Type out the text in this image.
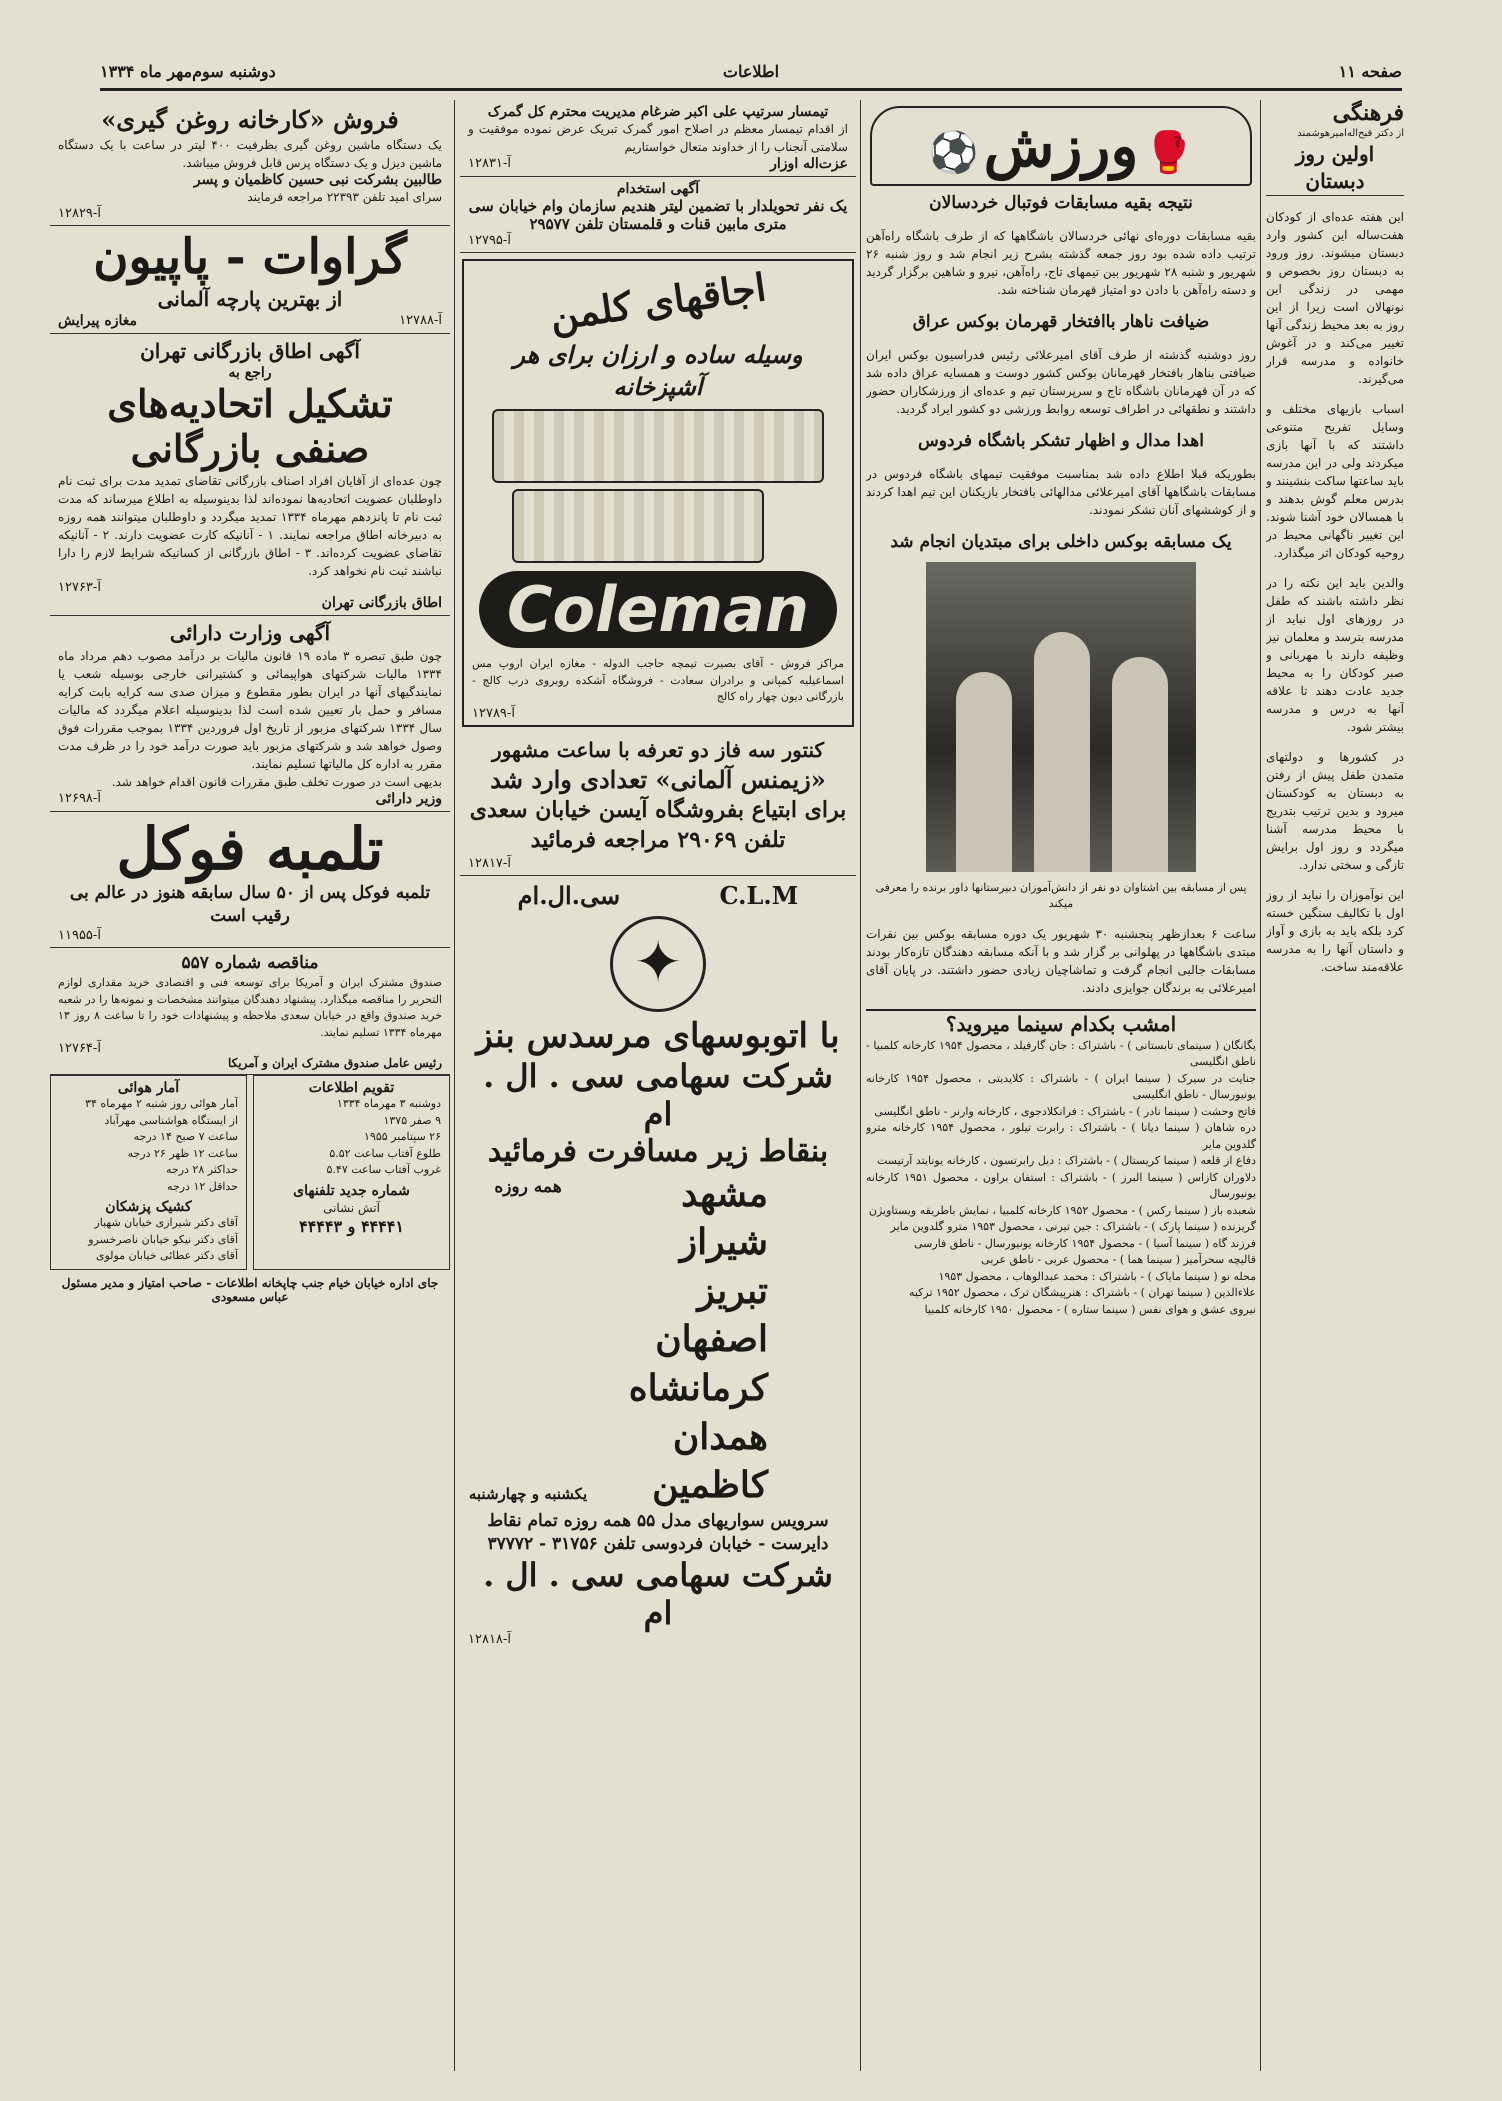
صفحه ۱۱
اطلاعات
دوشنبه سوم‌مهر ماه ۱۳۳۴
فرهنگی
از دکتر قبح‌اله‌امیرهوشمند
اولین روز دبستان

این هفته عده‌ای از کودکان هفت‌ساله این کشور وارد دبستان میشوند. روز ورود به دبستان روز بخصوص و مهمی در زندگی این نونهالان است زیرا از این روز به بعد محیط زندگی آنها تغییر می‌کند و در آغوش خانواده و مدرسه قرار می‌گیرند.

اسباب بازیهای مختلف و وسایل تفریح متنوعی داشتند که با آنها بازی میکردند ولی در این مدرسه باید ساعتها ساکت بنشینند و بدرس معلم گوش بدهند و با همسالان خود آشنا شوند. این تغییر ناگهانی محیط در روحیه کودکان اثر میگذارد.

والدین باید این نکته را در نظر داشته باشند که طفل در روزهای اول نباید از مدرسه بترسد و معلمان نیز وظیفه دارند با مهربانی و صبر کودکان را به محیط جدید عادت دهند تا علاقه آنها به درس و مدرسه بیشتر شود.

در کشورها و دولتهای متمدن طفل پیش از رفتن به دبستان به کودکستان میرود و بدین ترتیب بتدریج با محیط مدرسه آشنا میگردد و روز اول برایش تازگی و سختی ندارد.

این نوآموزان را نباید از روز اول با تکالیف سنگین خسته کرد بلکه باید به بازی و آواز و داستان آنها را به مدرسه علاقه‌مند ساخت.

🥊 ورزش ⚽
نتیجه بقیه مسابقات فوتبال خردسالان

بقیه مسابقات دوره‌ای نهائی خردسالان باشگاهها که از طرف باشگاه راه‌آهن ترتیب داده شده بود روز جمعه گذشته بشرح زیر انجام شد و روز شنبه ۲۶ شهریور و شنبه ۲۸ شهریور بین تیمهای تاج، راه‌آهن، نیرو و شاهین برگزار گردید و دسته راه‌آهن با دادن دو امتیاز قهرمان شناخته شد.

ضیافت ناهار باافتخار قهرمان بوکس عراق

روز دوشنبه گذشته از طرف آقای امیرعلائی رئیس فدراسیون بوکس ایران ضیافتی بناهار بافتخار قهرمانان بوکس کشور دوست و همسایه عراق داده شد که در آن قهرمانان باشگاه تاج و سرپرستان تیم و عده‌ای از ورزشکاران حضور داشتند و نطقهائی در اطراف توسعه روابط ورزشی دو کشور ایراد گردید.

اهدا مدال و اظهار تشکر باشگاه فردوس

بطوریکه قبلا اطلاع داده شد بمناسبت موفقیت تیمهای باشگاه فردوس در مسابقات باشگاهها آقای امیرعلائی مدالهائی بافتخار بازیکنان این تیم اهدا کردند و از کوششهای آنان تشکر نمودند.

یک مسابقه بوکس داخلی برای مبتدیان انجام شد
پس از مسابقه بین اشتاوان دو نفر از دانش‌آموزان دبیرستانها داور برنده را معرفی میکند

ساعت ۶ بعدازظهر پنجشنبه ۳۰ شهریور یک دوره مسابقه بوکس بین نفرات مبتدی باشگاهها در پهلوانی بر گزار شد و با آنکه مسابقه دهندگان تازه‌کار بودند مسابقات جالبی انجام گرفت و تماشاچیان زیادی حضور داشتند. در پایان آقای امیرعلائی به برندگان جوایزی دادند.

امشب بکدام سینما میروید؟
یگانگان ( سینمای تابستانی ) - باشتراک : جان گارفیلد ، محصول ۱۹۵۴ کارخانه کلمبیا - ناطق انگلیسی
جنایت در سیرک ( سینما ایران ) - باشتراک : کلایدیتی ، محصول ۱۹۵۴ کارخانه یونیورسال - ناطق انگلیسی
فاتح وحشت ( سینما نادر ) - باشتراک : فرانکلادجوی ، کارخانه وارنر - ناطق انگلیسی
دره شاهان ( سینما دیانا ) - باشتراک : رابرت تیلور ، محصول ۱۹۵۴ کارخانه مترو گلدوین مایر
دفاع از قلعه ( سینما کریستال ) - باشتراک : دیل رابرتسون ، کارخانه یونایتد آرتیست
دلاوران کازاس ( سینما البرز ) - باشتراک : استفان براون ، محصول ۱۹۵۱ کارخانه یونیورسال
شعبده باز ( سینما رکس ) - محصول ۱۹۵۲ کارخانه کلمبیا ، نمایش باطریقه ویستاویژن
گریزنده ( سینما پارک ) - باشتراک : جین تیرنی ، محصول ۱۹۵۳ مترو گلدوین مایر
فرزند گاه ( سینما آسیا ) - محصول ۱۹۵۴ کارخانه یونیورسال - ناطق فارسی
قالیچه سحرآمیز ( سینما هما ) - محصول عربی - ناطق عربی
محله نو ( سینما مایاک ) - باشتراک : محمد عبدالوهاب ، محصول ۱۹۵۳
علاءالدین ( سینما تهران ) - باشتراک : هنرپیشگان ترک ، محصول ۱۹۵۲ ترکیه
نیروی عشق و هوای نفس ( سینما ستاره ) - محصول ۱۹۵۰ کارخانه کلمبیا
تیمسار سرتیپ علی اکبر ضرغام مدیریت محترم کل گمرک
از اقدام تیمسار معظم در اصلاح امور گمرک تبریک عرض نموده موفقیت و سلامتی آنجناب را از خداوند متعال خواستاریم
عزت‌اله اوزار
آ-۱۲۸۳۱
آگهی استخدام
یک نفر تحویلدار با تضمین لیتر هندیم سازمان وام خیابان سی متری مابین قنات و قلمستان تلفن ۲۹۵۷۷
آ-۱۲۷۹۵
اجاقهای کلمن
وسیله ساده و ارزان برای هر آشپزخانه
Coleman
مراکز فروش - آقای بصیرت تیمچه حاجب الدوله - مغازه ایران اروپ مس اسماعیلیه کمپانی و برادران سعادت - فروشگاه آشکده روبروی درب کالج - بازرگانی دیون چهار راه کالج
آ-۱۲۷۸۹
کنتور سه فاز دو تعرفه با ساعت مشهور
«زیمنس آلمانی» تعدادی وارد شد
برای ابتیاع بفروشگاه آیسن خیابان سعدی
تلفن ۲۹۰۶۹ مراجعه فرمائید
آ-۱۲۸۱۷
C.L.M
سی.ال.ام
✦
با اتوبوسهای مرسدس بنز
شرکت سهامی سی . ال . ام
بنقاط زیر مسافرت فرمائید
مشهد
شیراز
تبریز
اصفهان
کرمانشاه
همدان
کاظمین
همه روزه
یکشنبه و چهارشنبه
سرویس سواریهای مدل ۵۵ همه روزه تمام نقاط
دایرست - خیابان فردوسی تلفن ۳۱۷۵۶ - ۳۷۷۷۲
شرکت سهامی سی . ال . ام
آ-۱۲۸۱۸
فروش «کارخانه روغن گیری»
یک دستگاه ماشین روغن گیری بظرفیت ۴۰۰ لیتر در ساعت با یک دستگاه ماشین دیزل و یک دستگاه پرس قابل فروش میباشد.
طالبین بشرکت نبی حسین کاظمیان و پسر
سرای امید تلفن ۲۲۳۹۳ مراجعه فرمایند
آ-۱۲۸۲۹
گراوات - پاپیون
از بهترین پارچه آلمانی
آ-۱۲۷۸۸
مغازه پیرایش
آگهی اطاق بازرگانی تهران
راجع به
تشکیل اتحادیه‌های
صنفی بازرگانی
چون عده‌ای از آقایان افراد اصناف بازرگانی تقاضای تمدید مدت برای ثبت نام داوطلبان عضویت اتحادیه‌ها نموده‌اند لذا بدینوسیله به اطلاع میرساند که مدت ثبت نام تا پانزدهم مهرماه ۱۳۳۴ تمدید میگردد و داوطلبان میتوانند همه روزه به دبیرخانه اطاق مراجعه نمایند. ۱ - آنانیکه کارت عضویت دارند. ۲ - آنانیکه تقاضای عضویت کرده‌اند. ۳ - اطاق بازرگانی از کسانیکه شرایط لازم را دارا نباشند ثبت نام نخواهد کرد.
آ-۱۲۷۶۳
اطاق بازرگانی تهران
آگهی وزارت دارائی
چون طبق تبصره ۳ ماده ۱۹ قانون مالیات بر درآمد مصوب دهم مرداد ماه ۱۳۳۴ مالیات شرکتهای هواپیمائی و کشتیرانی خارجی بوسیله شعب یا نمایندگیهای آنها در ایران بطور مقطوع و میزان صدی سه کرایه بابت کرایه مسافر و حمل بار تعیین شده است لذا بدینوسیله اعلام میگردد که مالیات سال ۱۳۳۴ شرکتهای مزبور از تاریخ اول فروردین ۱۳۳۴ بموجب مقررات فوق وصول خواهد شد و شرکتهای مزبور باید صورت درآمد خود را در ظرف مدت مقرر به اداره کل مالیاتها تسلیم نمایند.
بدیهی است در صورت تخلف طبق مقررات قانون اقدام خواهد شد.
وزیر دارائی
آ-۱۲۶۹۸
تلمبه فوکل
تلمبه فوکل پس از ۵۰ سال سابقه هنوز در عالم بی رقیب است
آ-۱۱۹۵۵
مناقصه شماره ۵۵۷
صندوق مشترک ایران و آمریکا برای توسعه فنی و اقتصادی خرید مقداری لوازم التحریر را مناقصه میگذارد. پیشنهاد دهندگان میتوانند مشخصات و نمونه‌ها را در شعبه خرید صندوق واقع در خیابان سعدی ملاحظه و پیشنهادات خود را تا ساعت ۸ روز ۱۳ مهرماه ۱۳۳۴ تسلیم نمایند.
آ-۱۲۷۶۴
رئیس عامل صندوق مشترک ایران و آمریکا
تقویم اطلاعات
دوشنبه ۳ مهرماه ۱۳۳۴
۹ صفر ۱۳۷۵
۲۶ سپتامبر ۱۹۵۵
طلوع آفتاب ساعت ۵.۵۲
غروب آفتاب ساعت ۵.۴۷
شماره جدید تلفنهای
آتش نشانی
۴۴۴۴۱ و ۴۴۴۴۳
آمار هوائی
آمار هوائی روز شنبه ۲ مهرماه ۳۴
از ایستگاه هواشناسی مهرآباد
ساعت ۷ صبح ۱۴ درجه
ساعت ۱۲ ظهر ۲۶ درجه
حداکثر ۲۸ درجه
حداقل ۱۲ درجه
کشیک پزشکان
آقای دکتر شیرازی خیابان شهباز
آقای دکتر نیکو خیابان ناصرخسرو
آقای دکتر عطائی خیابان مولوی
جای اداره خیابان خیام جنب چاپخانه اطلاعات - صاحب امتیاز و مدیر مسئول عباس مسعودی
